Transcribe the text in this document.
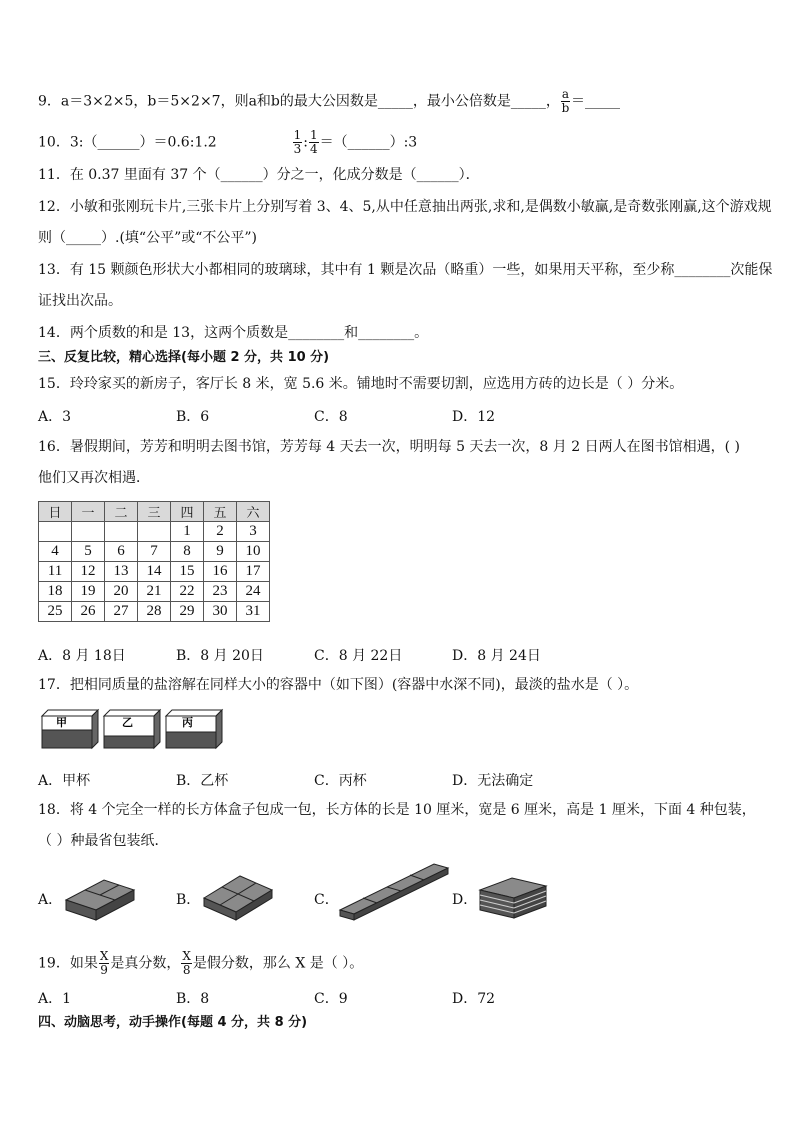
9．a＝3×2×5，b＝5×2×7，则a和b的最大公因数是_____，最小公倍数是_____， $\frac{a}{b}$ ＝_____
10．3:（______）＝0.6:1.2	$\frac{1}{3}$ : $\frac{1}{4}$ ＝（______）:3
11．在 0.37 里面有 37 个（______）分之一，化成分数是（______）．
12．小敏和张刚玩卡片,三张卡片上分别写着 3、4、5,从中任意抽出两张,求和,是偶数小敏赢,是奇数张刚赢,这个游戏规
则（_____）.(填“公平”或“不公平”)
13．有 15 颗颜色形状大小都相同的玻璃球，其中有 1 颗是次品（略重）一些，如果用天平称，至少称________次能保
证找出次品。
14．两个质数的和是 13，这两个质数是________和________。
三、反复比较，精心选择(每小题 2 分，共 10 分)
15．玲玲家买的新房子，客厅长 8 米，宽 5.6 米。铺地时不需要切割，应选用方砖的边长是（ ）分米。
A．3	B．6	C．8	D．12
16．暑假期间，芳芳和明明去图书馆，芳芳每 4 天去一次，明明每 5 天去一次，8 月 2 日两人在图书馆相遇，( )
他们又再次相遇．
日	一	二	三	四	五	六
				1	2	3
4	5	6	7	8	9	10
11	12	13	14	15	16	17
18	19	20	21	22	23	24
25	26	27	28	29	30	31
A．8 月 18日	B．8 月 20日	C．8 月 22日	D．8 月 24日
17．把相同质量的盐溶解在同样大小的容器中（如下图）(容器中水深不同)，最淡的盐水是（ ）。
甲	乙	丙
A．甲杯	B．乙杯	C．丙杯	D．无法确定
18．将 4 个完全一样的长方体盒子包成一包，长方体的长是 10 厘米，宽是 6 厘米，高是 1 厘米，下面 4 种包装，
（ ）种最省包装纸．
A．	B．	C．	D．
19．如果 $\frac{X}{9}$ 是真分数， $\frac{X}{8}$ 是假分数，那么 X 是（ ）。
A．1	B．8	C．9	D．72
四、动脑思考，动手操作(每题 4 分，共 8 分)
